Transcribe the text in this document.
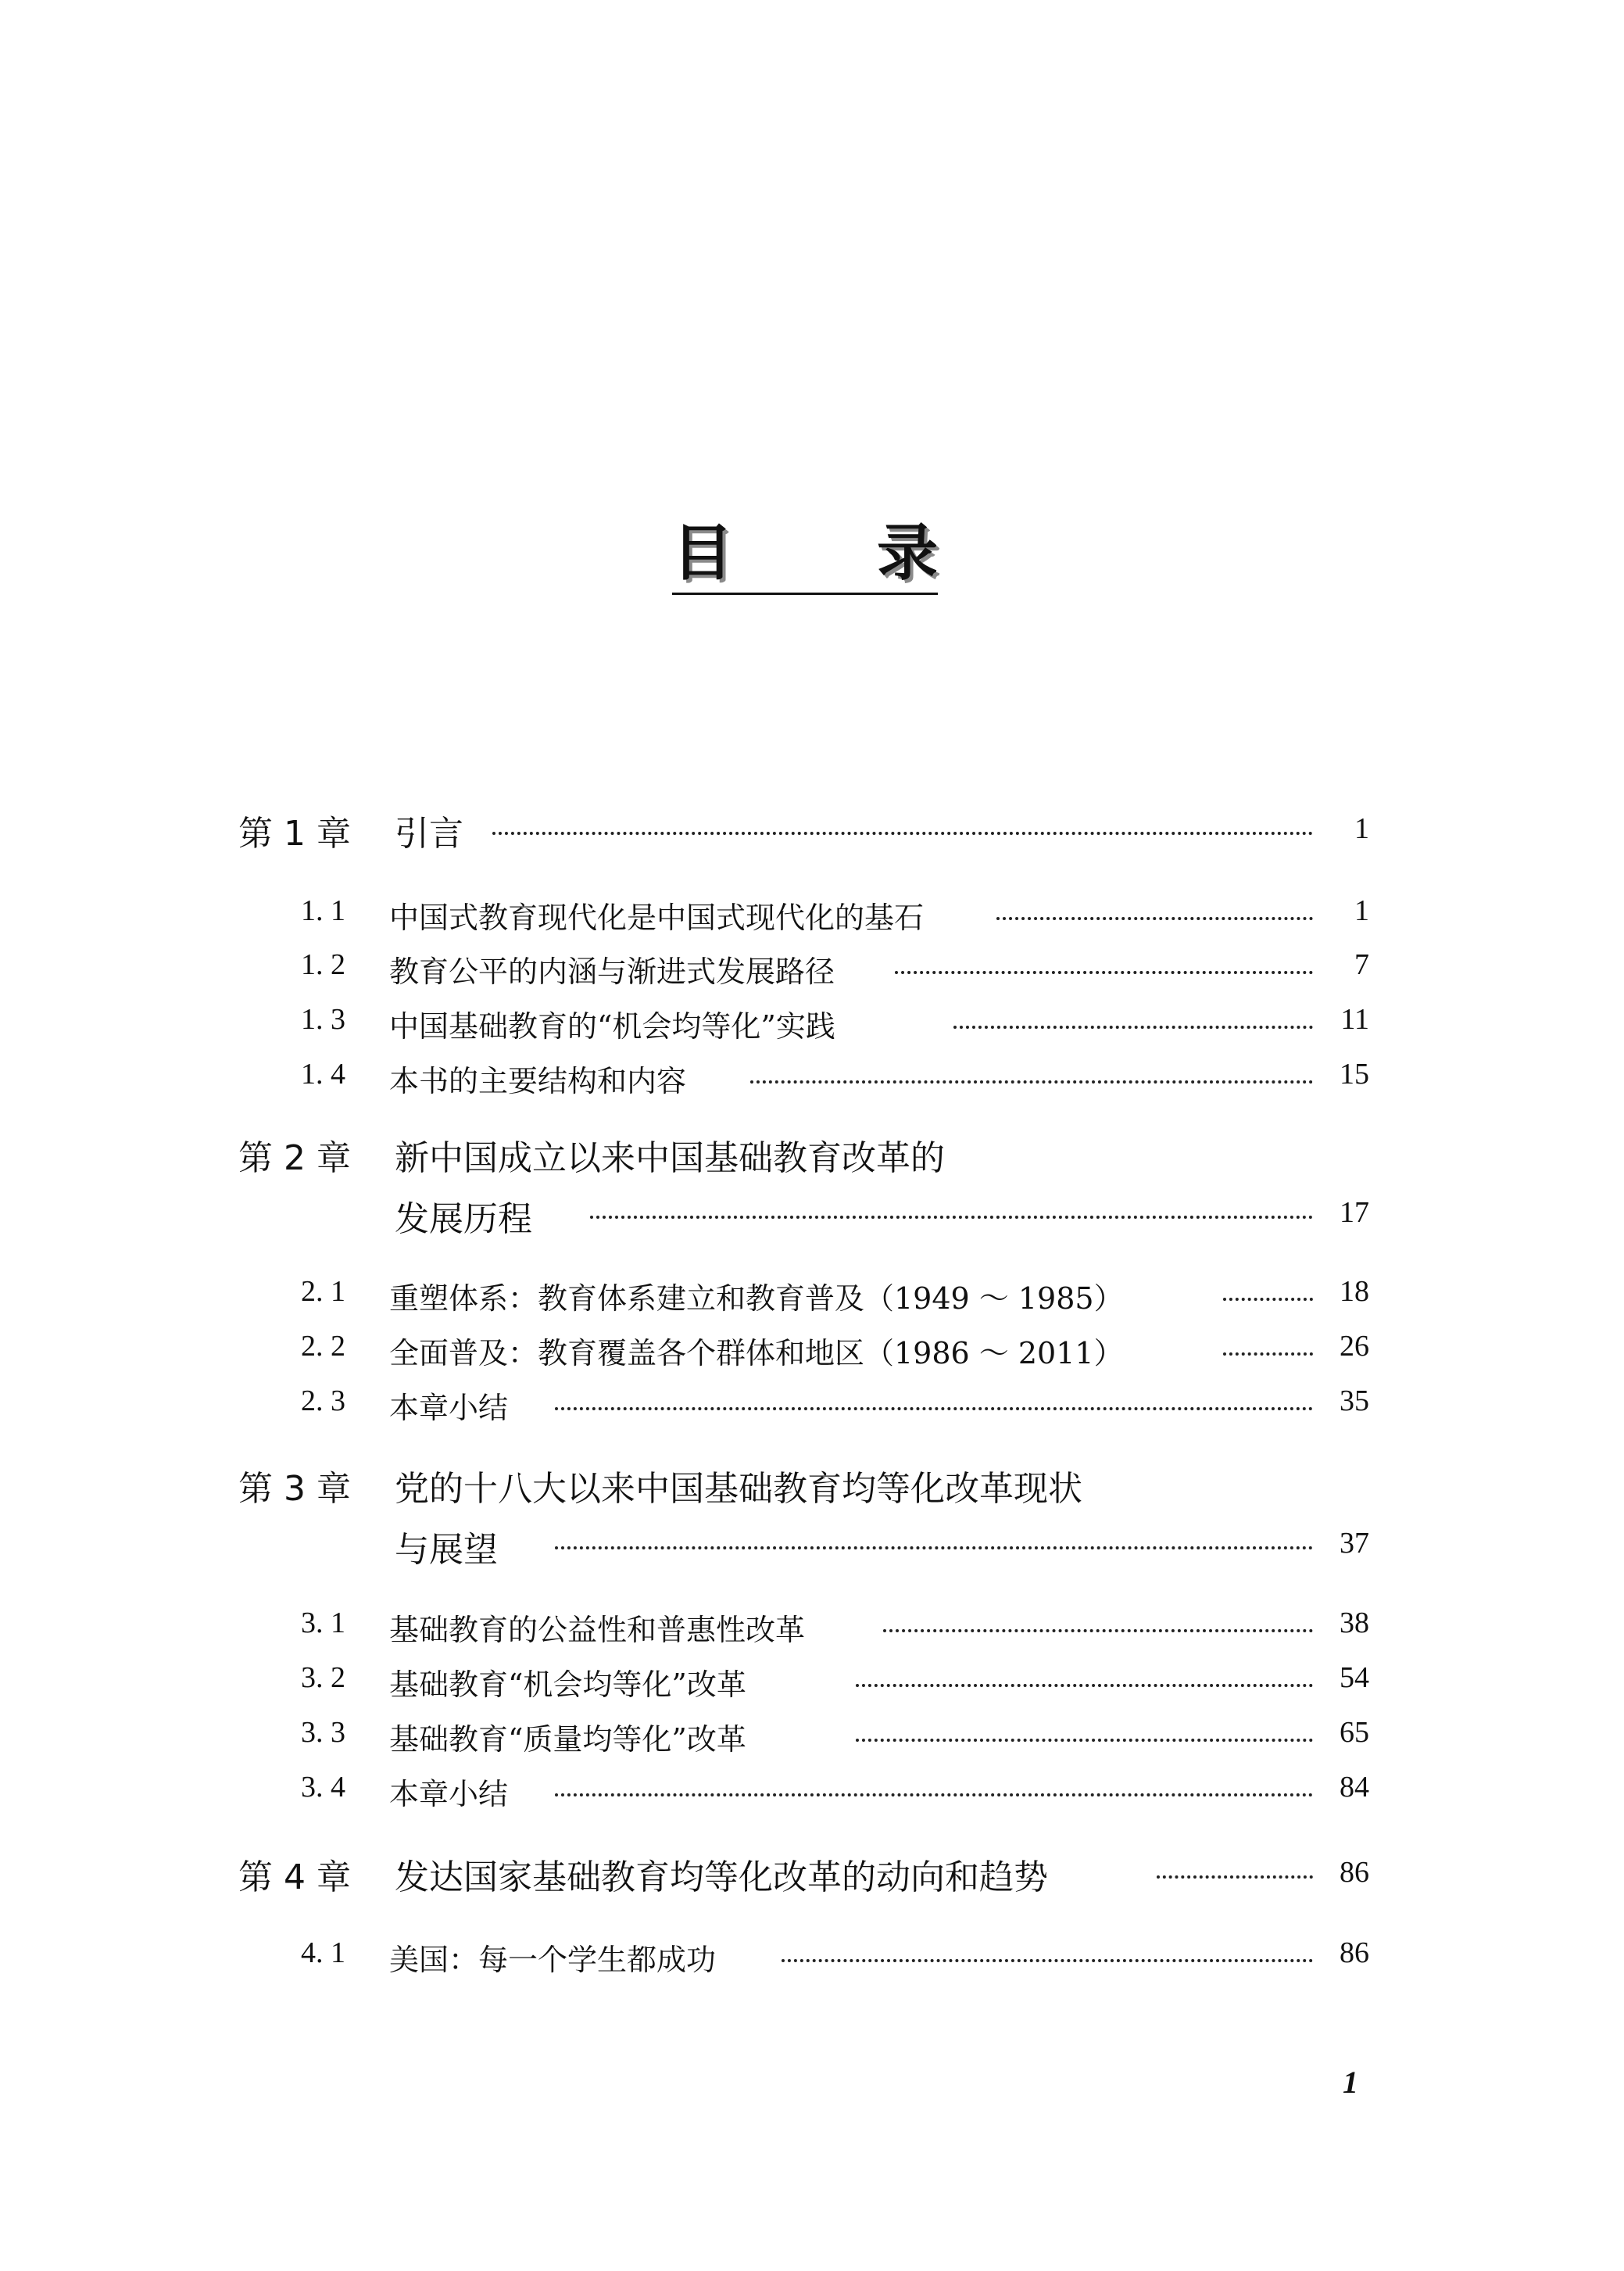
目 录
第 1 章 引言	1
1. 1 中国式教育现代化是中国式现代化的基石	1
1. 2 教育公平的内涵与渐进式发展路径	7
1. 3 中国基础教育的“机会均等化”实践	11
1. 4 本书的主要结构和内容	15
第 2 章 新中国成立以来中国基础教育改革的
发展历程	17
2. 1 重塑体系：教育体系建立和教育普及（1949 ～ 1985）	18
2. 2 全面普及：教育覆盖各个群体和地区（1986 ～ 2011）	26
2. 3 本章小结	35
第 3 章 党的十八大以来中国基础教育均等化改革现状
与展望	37
3. 1 基础教育的公益性和普惠性改革	38
3. 2 基础教育“机会均等化”改革	54
3. 3 基础教育“质量均等化”改革	65
3. 4 本章小结	84
第 4 章 发达国家基础教育均等化改革的动向和趋势	86
4. 1 美国：每一个学生都成功	86
1
